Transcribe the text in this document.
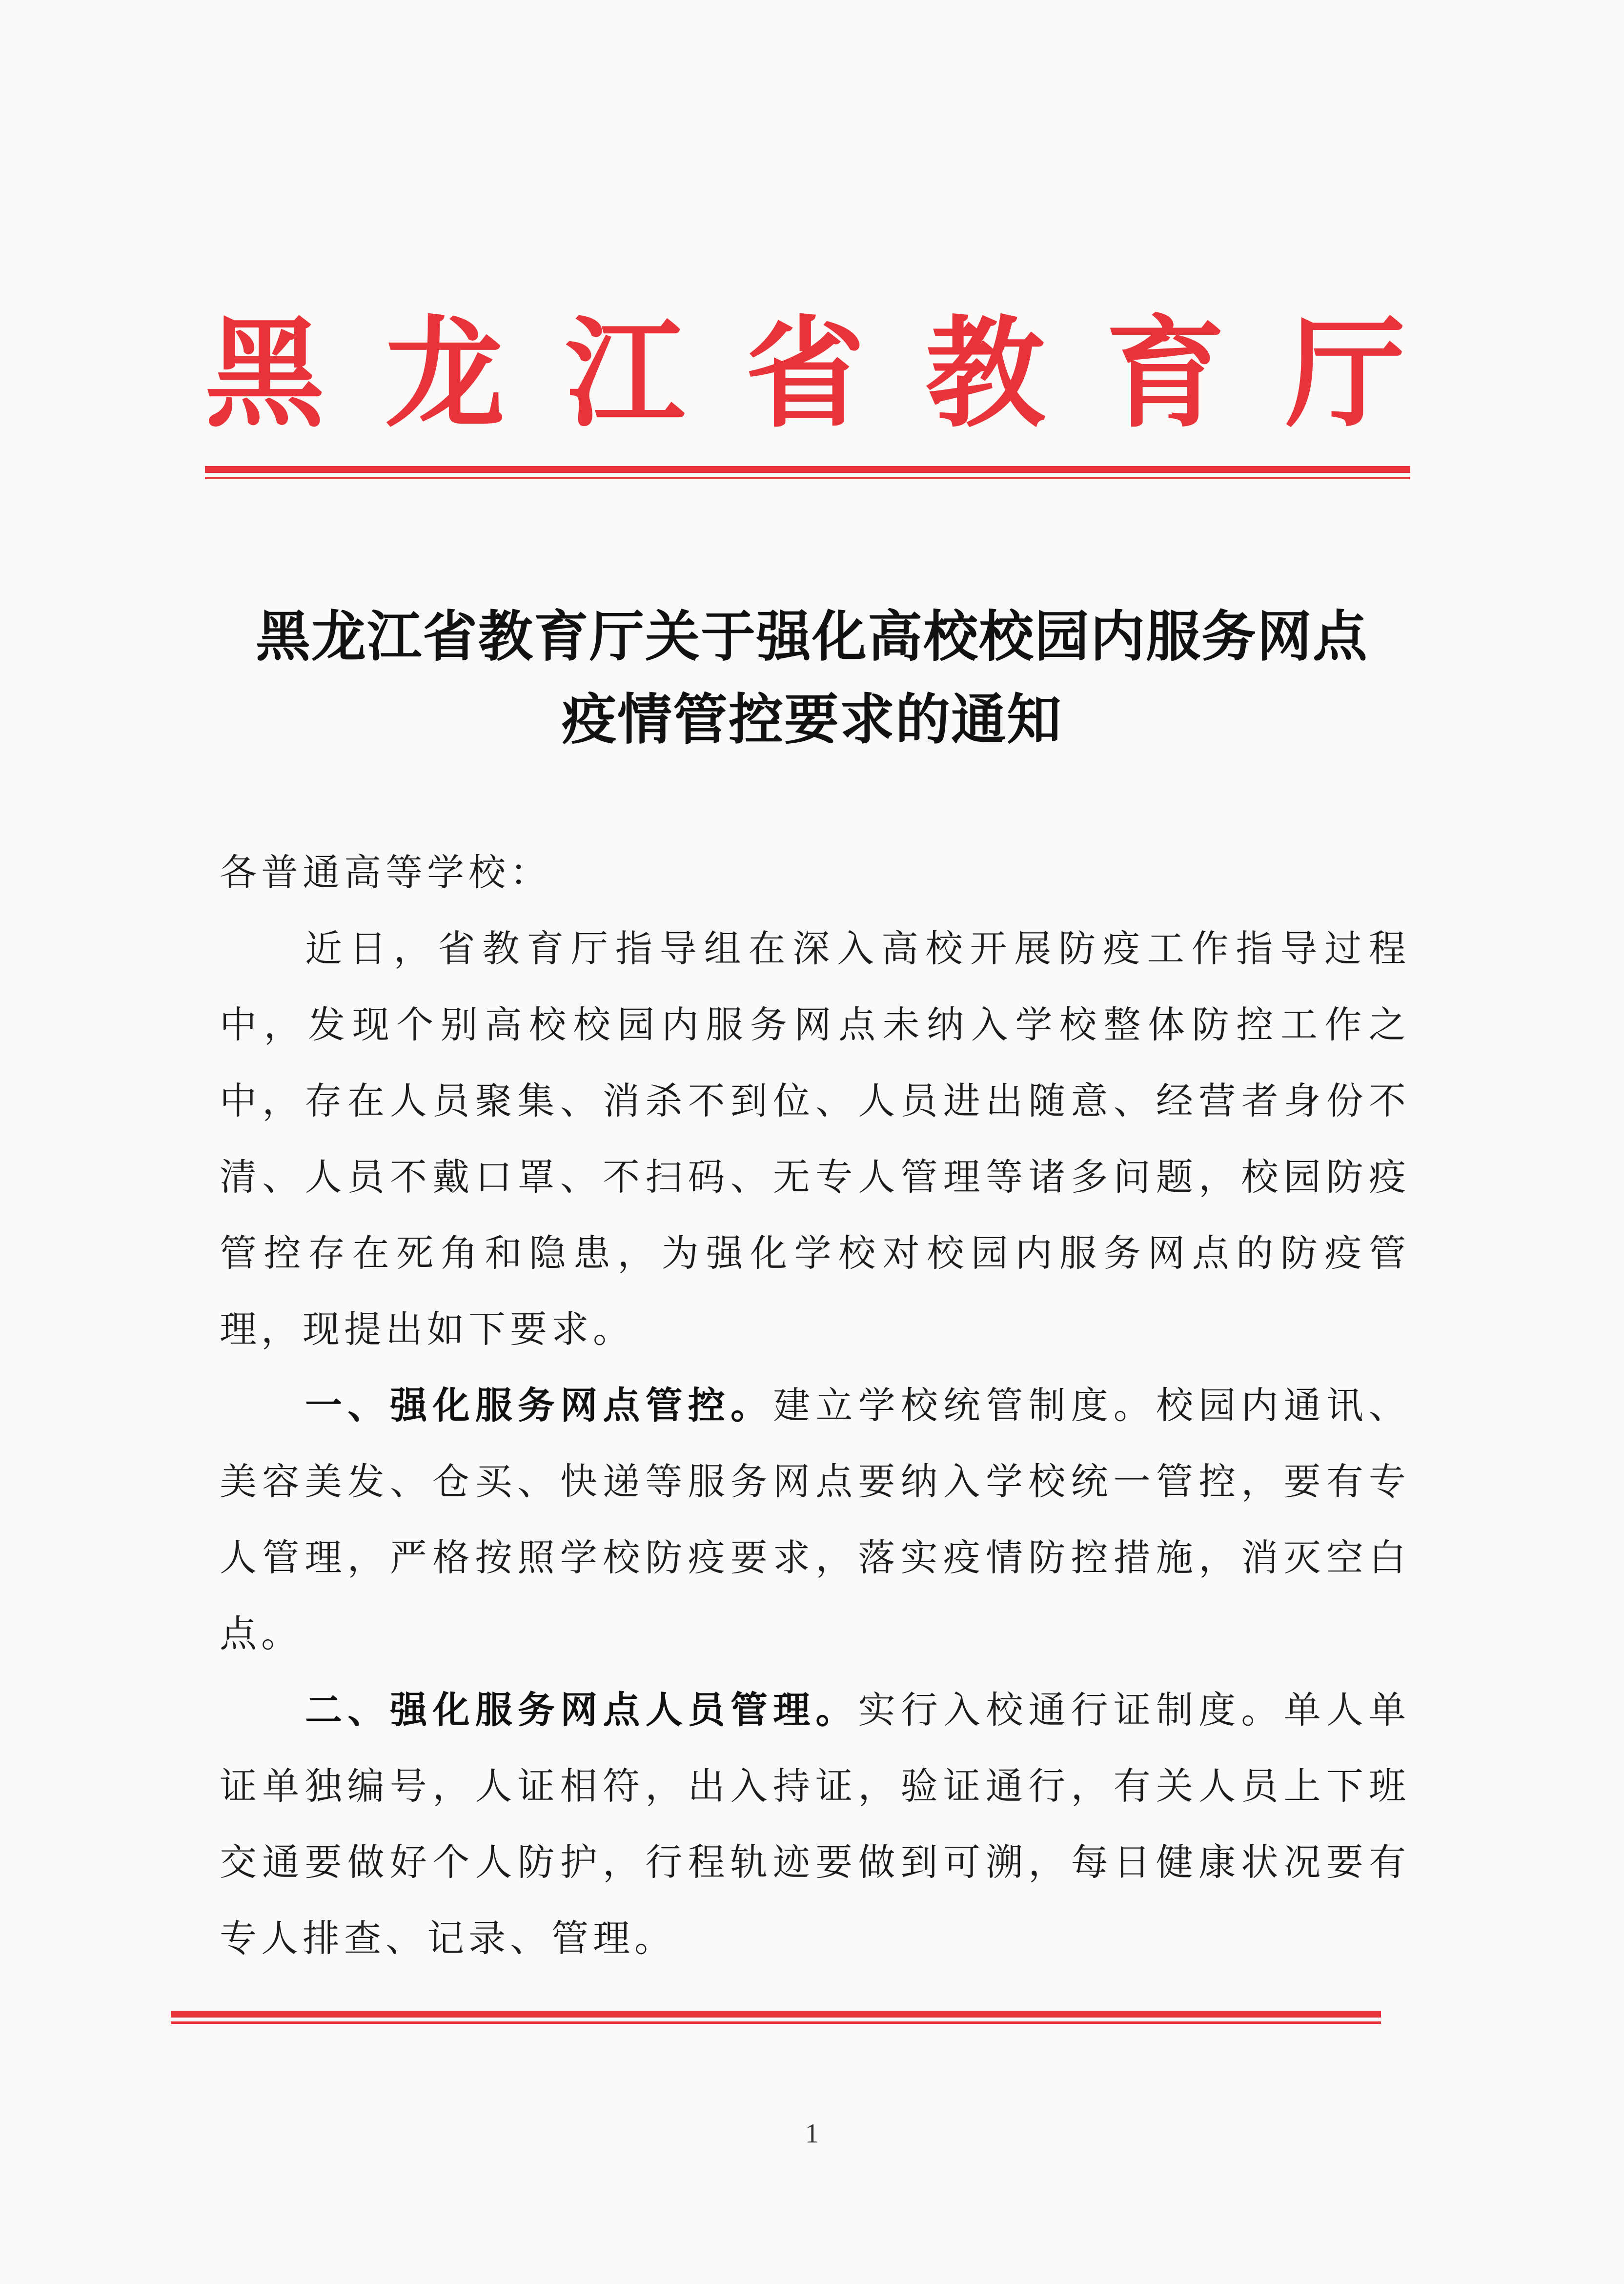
黑 龙 江 省 教 育 厅
黑龙江省教育厅关于强化高校校园内服务网点
疫情管控要求的通知

各普通高等学校：

近日，省教育厅指导组在深入高校开展防疫工作指导过程中，发现个别高校校园内服务网点未纳入学校整体防控工作之中，存在人员聚集、消杀不到位、人员进出随意、经营者身份不清、人员不戴口罩、不扫码、无专人管理等诸多问题，校园防疫管控存在死角和隐患，为强化学校对校园内服务网点的防疫管理，现提出如下要求。

一、强化服务网点管控。建立学校统管制度。校园内通讯、美容美发、仓买、快递等服务网点要纳入学校统一管控，要有专人管理，严格按照学校防疫要求，落实疫情防控措施，消灭空白点。

二、强化服务网点人员管理。实行入校通行证制度。单人单证单独编号，人证相符，出入持证，验证通行，有关人员上下班交通要做好个人防护，行程轨迹要做到可溯，每日健康状况要有专人排查、记录、管理。

1
